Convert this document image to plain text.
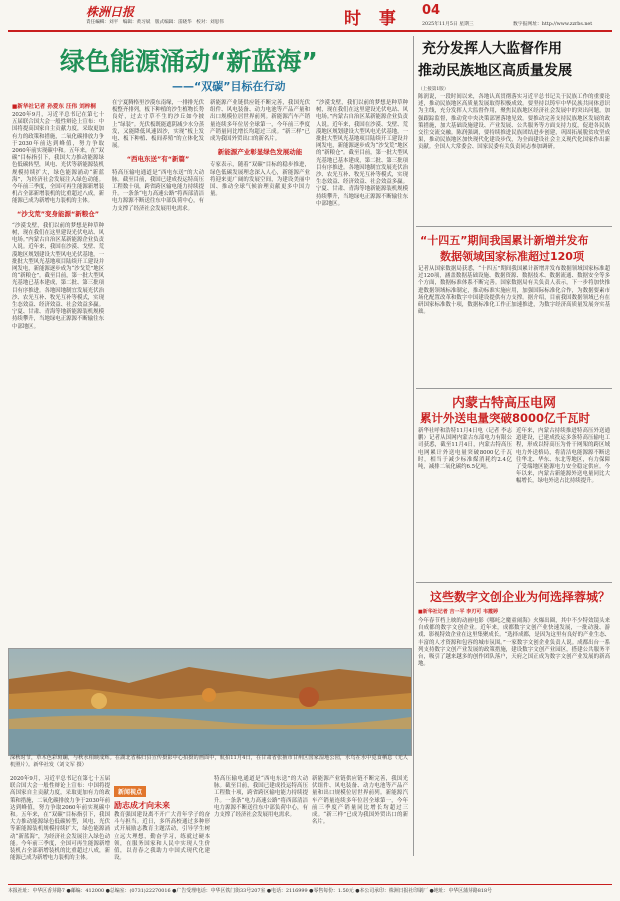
株洲日报
責任編輯：刘平　编辑：黄习斌　版式编辑：雷晓华　校对：刘思伟	时 事 04
2025年11月5日 星期三	数字报网址：http://www.zzrbs.net
绿色能源涌动“新蓝海”
——“双碳”目标在行动
■新华社记者 孙爱东 汪伟 刘梓桐
2020年9月，习近平总书记在第七十五届联合国大会一般性辩论上宣布：中国将提高国家自主贡献力度，采取更加有力的政策和措施，二氧化碳排放力争于2030年前达到峰值，努力争取2060年前实现碳中和。五年来，在“双碳”目标指引下，我国大力推动能源绿色低碳转型，风电、光伏等新能源装机规模持续扩大，绿色能源涌动“新蓝海”，为经济社会发展注入绿色动能。今年前三季度，全国可再生能源新增装机占全部新增装机的比重超过八成，新能源已成为新增电力装机的主体。
“沙戈荒”变身能源“新粮仓”
“沙漠戈壁，我们以前的梦想是种草种树，现在我们在这里建设光伏电站、风电场。”内蒙古自治区某新能源企业负责人说。近年来，我国在沙漠、戈壁、荒漠地区规划建设大型风电光伏基地，一批批大型风光基地项目陆续开工建设并网发电，新能源逐步成为“沙戈荒”地区的“新粮仓”。截至目前，第一批大型风光基地已基本建成，第二批、第三批项目有序推进。各地因地制宜发展光伏治沙、农光互补、牧光互补等模式，实现生态效益、经济效益、社会效益多赢。宁夏、甘肃、青海等地新能源装机规模持续攀升，当地绿电正源源不断输往东中部地区。
在宁夏腾格里沙漠东南缘，一排排光伏板整齐排列，板下种植的沙生植物长势良好，过去寸草不生的沙丘如今披上“绿装”。光伏板既能遮阴减少水分蒸发，又能降低风速固沙，实现“板上发电、板下种植、板间养殖”的立体化发展。
“西电东送”有“新篇”
特高压输电通道是“西电东送”的大动脉。截至目前，我国已建成投运特高压工程数十项，跨省跨区输电能力持续提升。一条条“电力高速公路”将西部清洁电力源源不断送往东中部负荷中心，有力支撑了经济社会发展用电需求。
新能源产业链供应链不断完善，我国光伏组件、风电装备、动力电池等产品产量和出口规模位居世界前列。新能源汽车产销量连续多年位居全球第一，今年前三季度产销量同比增长均超过三成。“新三样”已成为我国外贸出口的新名片。
新能源产业彰显绿色发展动能
专家表示，随着“双碳”目标的稳步推进，绿色低碳发展理念深入人心，新能源产业将迎来更广阔的发展空间，为建设美丽中国、推动全球气候治理贡献更多中国力量。
“沙漠戈壁，我们以前的梦想是种草种树，现在我们在这里建设光伏电站、风电场。”内蒙古自治区某新能源企业负责人说。近年来，我国在沙漠、戈壁、荒漠地区规划建设大型风电光伏基地，一批批大型风光基地项目陆续开工建设并网发电，新能源逐步成为“沙戈荒”地区的“新粮仓”。截至目前，第一批大型风光基地已基本建成，第二批、第三批项目有序推进。各地因地制宜发展光伏治沙、农光互补、牧光互补等模式，实现生态效益、经济效益、社会效益多赢。宁夏、甘肃、青海等地新能源装机规模持续攀升，当地绿电正源源不断输往东中部地区。
深秋时节，草木色彩斑斓，与秋水相映成辉。在湖北省秭归县宣传摄影中心拍摄的画面中，航拍11月4日，在甘肃省张掖市甘州区国家湿地公园，水鸟在水中觅食栖息（无人机照片）。新华社发（刘文军 摄）
充分发挥人大监督作用
推动民族地区高质量发展
（上接第1版）
陈润说，一段时间以来，各地认真贯彻落实习近平总书记关于民族工作的重要论述，推动民族地区高质量发展取得积极成效。要坚持以铸牢中华民族共同体意识为主线，充分发挥人大监督作用，聚焦民族地区经济社会发展中的突出问题，加强跟踪监督，推动党中央决策部署落地见效。要推动完善支持民族地区发展的政策措施，加大基础设施建设、产业发展、公共服务等方面支持力度，促进各民族交往交流交融。陈润强调，要持续推进民族团结进步创建，巩固拓展脱贫攻坚成果，推动民族地区加快现代化建设步伐，为全面建设社会主义现代化国家作出新贡献。全国人大常委会、国家民委有关负责同志参加调研。
“十四五”期间我国累计新増并发布
数据领域国家标准超过120项
记者从国家数据局获悉，“十四五”期间我国累计新增并发布数据领域国家标准超过120项，涵盖数据基础设施、数据资源、数据技术、数据流通、数据安全等多个方面，数据标准体系不断完善。国家数据局有关负责人表示，下一步将加快推进数据领域标准制定，推动标准实施应用，加强国际标准化合作，为数据要素市场化配置改革和数字中国建设提供有力支撑。据介绍，目前我国数据领域已有在研国家标准数十项，数据标准化工作正加速推进，为数字经济高质量发展夯实基础。
内蒙古特高压电网
累计外送电量突破8000亿千瓦时
新华社呼和浩特11月4日电（记者 李志鹏）记者从国网内蒙古东部电力有限公司获悉，截至11月4日，内蒙古特高压电网累计外送电量突破8000亿千瓦时，相当于减少标准煤消耗约2.4亿吨，减排二氧化碳约6.5亿吨。
近年来，内蒙古持续推进特高压外送通道建设，已建成投运多条特高压输电工程，形成以特高压为骨干网架的跨区域电力外送格局，将清洁电能源源不断送往华北、华东、东北等地区，有力保障了受端地区能源电力安全稳定供应。今年以来，内蒙古新能源外送电量同比大幅增长，绿电外送占比持续提升。
这些数字文创企业为何选择蓉城？
■新华社记者 吉一平 李刃可 韦霞婷
今年春节档上映的动画电影《哪吒之魔童闹海》火爆出圈，其中不少特效镜头来自成都的数字文创企业。近年来，成都数字文创产业快速发展，一批动漫、游戏、影视特效企业在这里集聚成长。“选择成都，是因为这里有良好的产业生态、丰富的人才资源和包容的城市氛围。”一家数字文创企业负责人说。成都出台一系列支持数字文创产业发展的政策措施，建设数字文创产业园区，搭建公共服务平台，吸引了越来越多的创作团队落户，天府之国正成为数字文创产业发展的新高地。
2020年9月，习近平总书记在第七十五届联合国大会一般性辩论上宣布：中国将提高国家自主贡献力度，采取更加有力的政策和措施，二氧化碳排放力争于2030年前达到峰值，努力争取2060年前实现碳中和。五年来，在“双碳”目标指引下，我国大力推动能源绿色低碳转型，风电、光伏等新能源装机规模持续扩大，绿色能源涌动“新蓝海”，为经济社会发展注入绿色动能。今年前三季度，全国可再生能源新增装机占全部新增装机的比重超过八成，新能源已成为新增电力装机的主体。
新闻视点
励志成才向未来
教育强国建设离不开广大青年学子的奋斗与担当。近日，多所高校通过多种形式开展励志教育主题活动，引导学生树立远大理想，勤奋学习，练就过硬本领，在服务国家和人民中实现人生价值，以青春之我助力中国式现代化建设。
特高压输电通道是“西电东送”的大动脉。截至目前，我国已建成投运特高压工程数十项，跨省跨区输电能力持续提升。一条条“电力高速公路”将西部清洁电力源源不断送往东中部负荷中心，有力支撑了经济社会发展用电需求。
新能源产业链供应链不断完善，我国光伏组件、风电装备、动力电池等产品产量和出口规模位居世界前列。新能源汽车产销量连续多年位居全球第一，今年前三季度产销量同比增长均超过三成。“新三样”已成为我国外贸出口的新名片。
本报社址：中华区香芽路7 ●邮编：412000 ●总编室：(0731)22270016 ●广告受理电话：中华区铁门街33号207室 ●电话：2116999 ●零售每份：1.50元 ●本公司承印：株洲日报社印刷厂 ●地址：中华区蒲芽路818号
